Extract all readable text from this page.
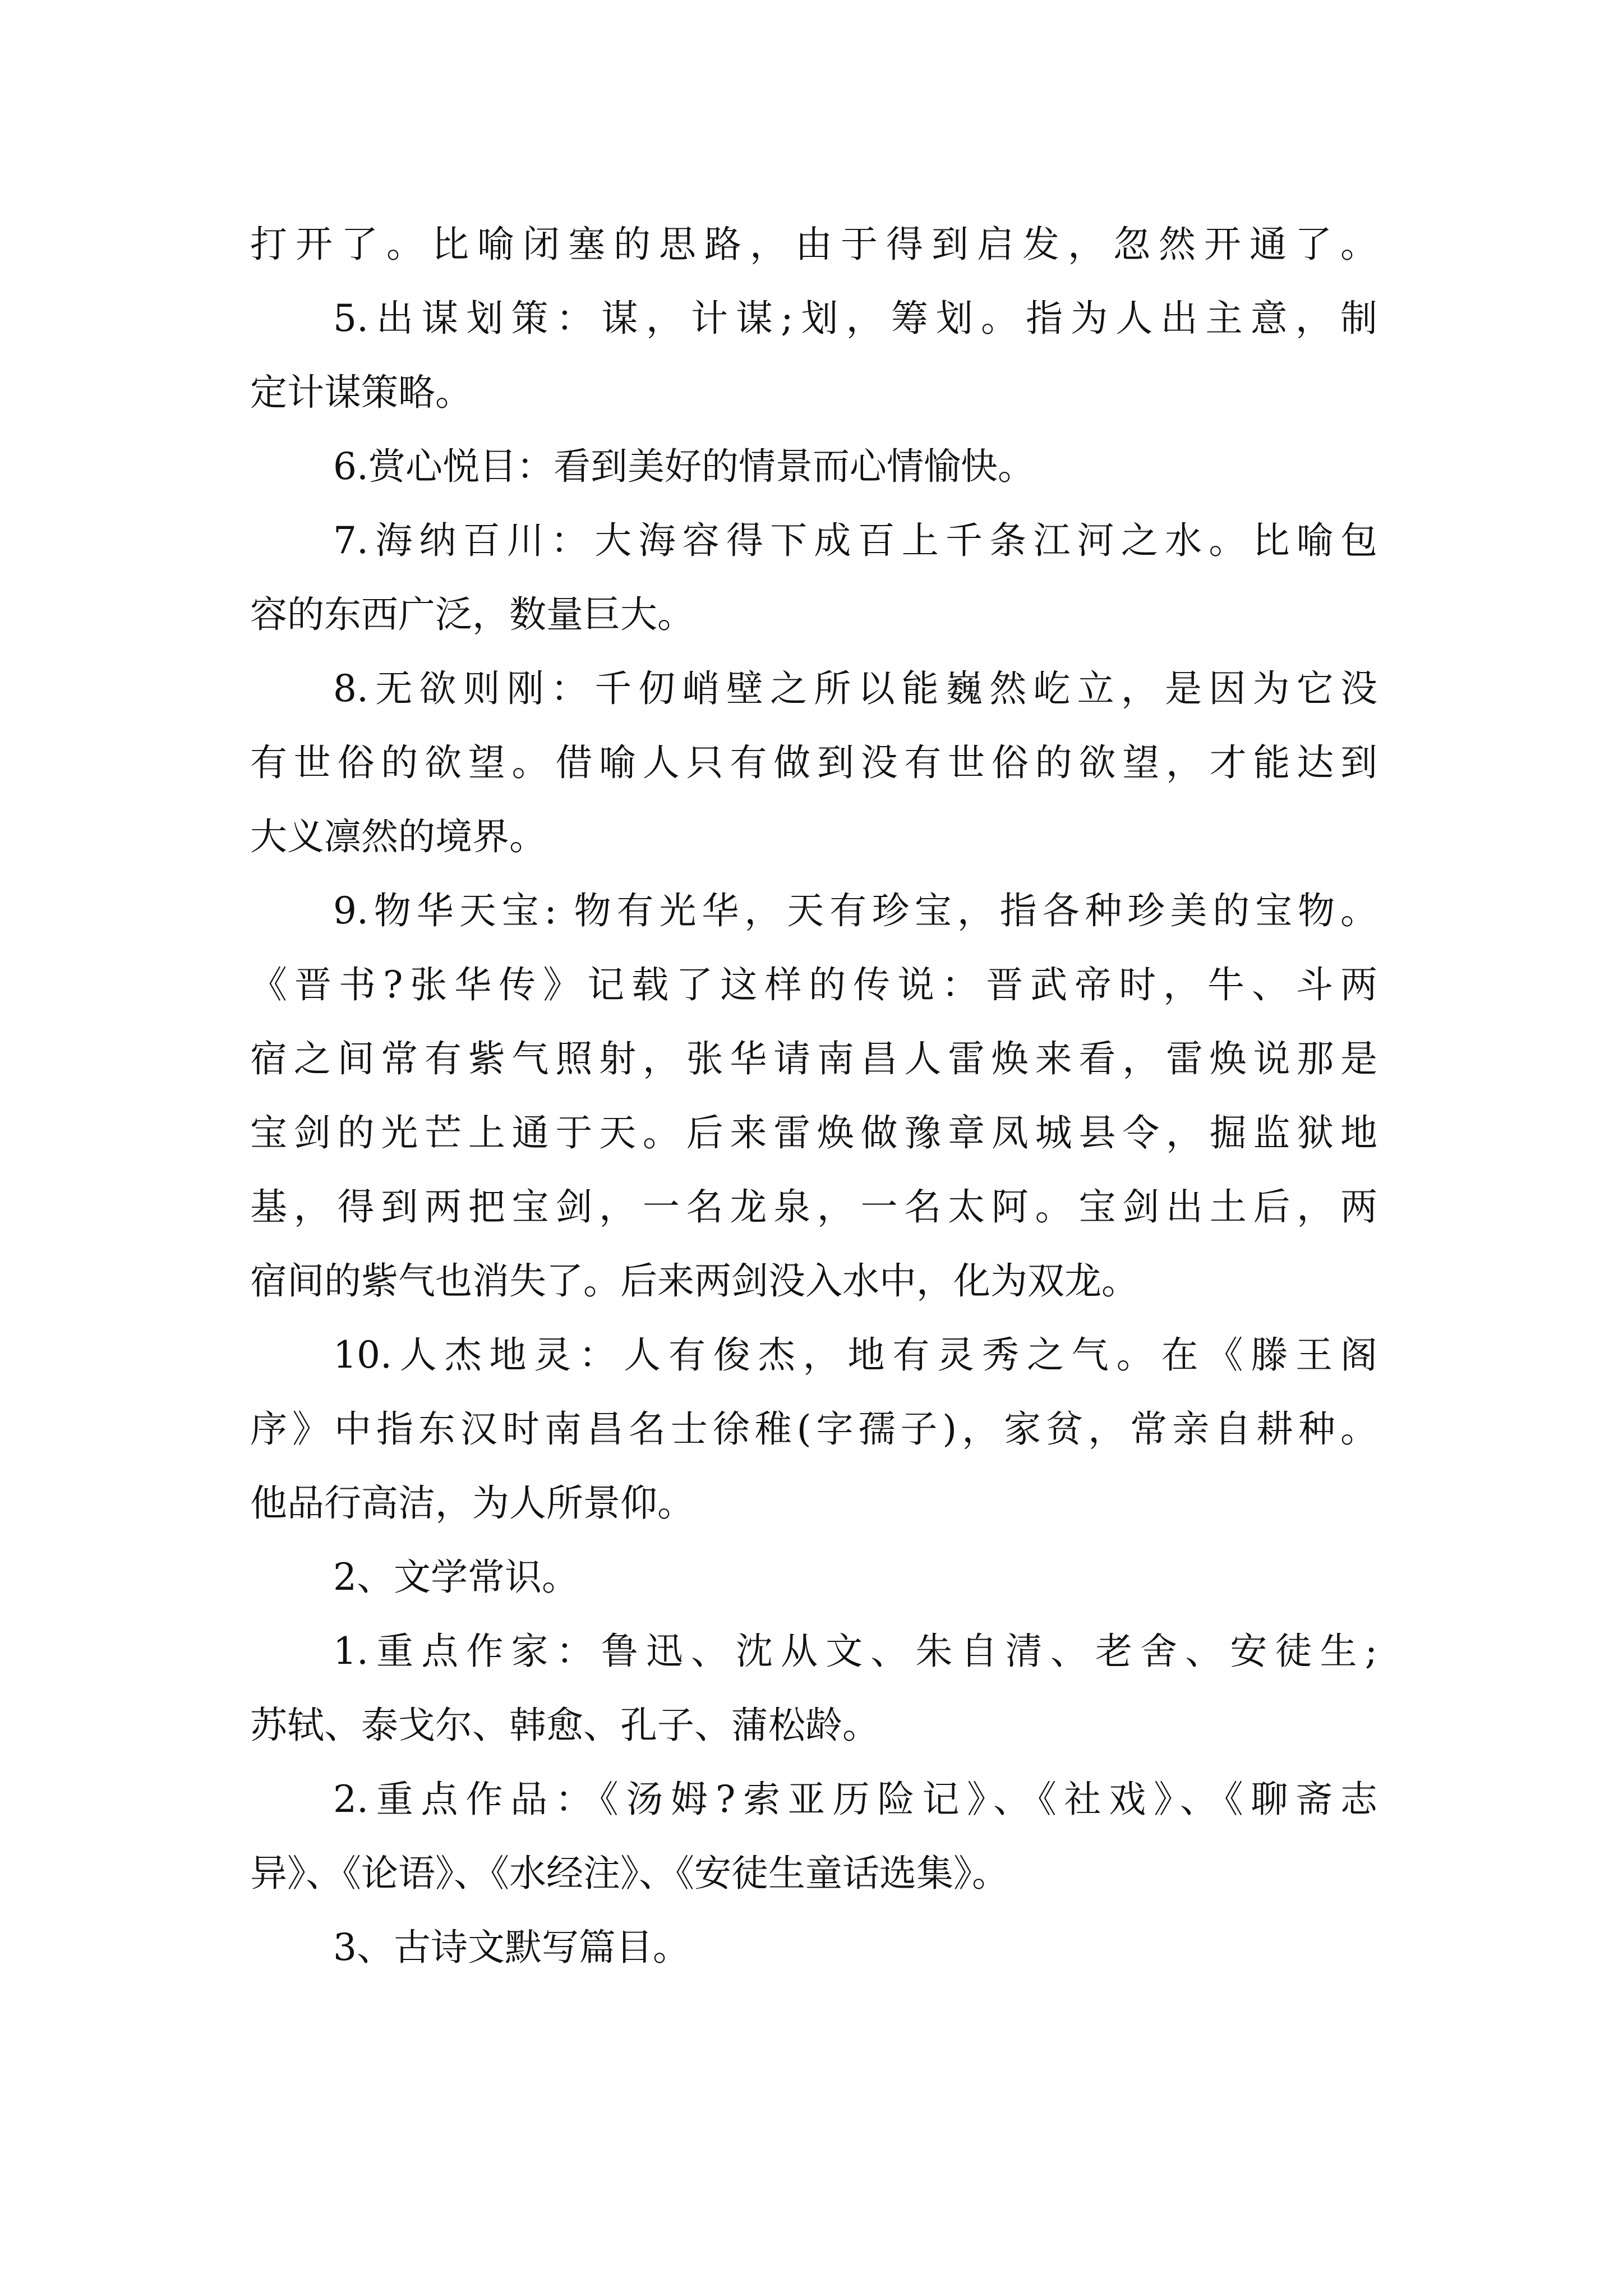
打开了。比喻闭塞的思路，由于得到启发，忽然开通了。
5.出谋划策：谋，计谋;划，筹划。指为人出主意，制
定计谋策略。
6.赏心悦目：看到美好的情景而心情愉快。
7.海纳百川：大海容得下成百上千条江河之水。比喻包
容的东西广泛，数量巨大。
8.无欲则刚：千仞峭壁之所以能巍然屹立，是因为它没
有世俗的欲望。借喻人只有做到没有世俗的欲望，才能达到
大义凛然的境界。
9.物华天宝: 物有光华，天有珍宝，指各种珍美的宝物。
《晋书?张华传》记载了这样的传说：晋武帝时，牛、斗两
宿之间常有紫气照射，张华请南昌人雷焕来看，雷焕说那是
宝剑的光芒上通于天。后来雷焕做豫章凤城县令，掘监狱地
基，得到两把宝剑，一名龙泉，一名太阿。宝剑出土后，两
宿间的紫气也消失了。后来两剑没入水中，化为双龙。
10.人杰地灵：人有俊杰，地有灵秀之气。在《滕王阁
序》中指东汉时南昌名士徐稚(字孺子)，家贫，常亲自耕种。
他品行高洁，为人所景仰。
2、文学常识。
1.重点作家：鲁迅、沈从文、朱自清、老舍、安徒生;
苏轼、泰戈尔、韩愈、孔子、蒲松龄。
2.重点作品：《汤姆?索亚历险记》、《社戏》、《聊斋志
异》、《论语》、《水经注》、《安徒生童话选集》。
3、古诗文默写篇目。
